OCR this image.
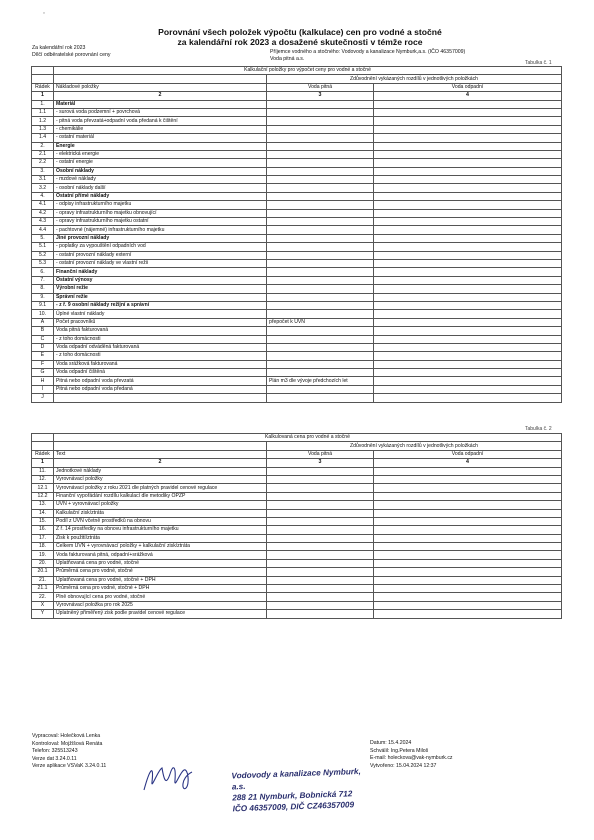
*
Porovnání všech položek výpočtu (kalkulace) cen pro vodné a stočné
za kalendářní rok 2023 a dosažené skutečnosti v témže roce
Za kalendářní rok 2023
Dílčí odběratelské porovnání ceny	Příjemce vodného a stočného: Vodovody a kanalizace Nymburk,a.s. (IČO 46357009)
Voda pitná a.s.
Tabulka č. 1
	Kalkulační položky pro výpočet ceny pro vodné a stočné		
		Zdůvodnění vykázaných rozdílů v jednotlivých položkách	
Řádek	Nákladové položky	Voda pitná	Voda odpadní
1	2	3	4
1.	Materiál		
1.1	- surová voda podzemní + povrchová		
1.2	- pitná voda převzatá+odpadní voda předaná k čištění		
1.3	- chemikálie		
1.4	- ostatní materiál		
2.	Energie		
2.1	- elektrická energie		
2.2	- ostatní energie		
3.	Osobní náklady		
3.1	- mzdové náklady		
3.2	- osobní náklady další		
4.	Ostatní přímé náklady		
4.1	- odpisy infrastrukturního majetku		
4.2	- opravy infrastrukturního majetku obnovující		
4.3	- opravy infrastrukturního majetku ostatní		
4.4	- pachtovné (nájemné) infrastrukturního majetku		
5.	Jiné provozní náklady		
5.1	- poplatky za vypouštění odpadních vod		
5.2	- ostatní provozní náklady externí		
5.3	- ostatní provozní náklady ve vlastní režii		
6.	Finanční náklady		
7.	Ostatní výnosy		
8.	Výrobní režie		
9.	Správní režie		
9.1	- z ř. 9 osobní náklady režijní a správní		
10.	Úplné vlastní náklady		
A	Počet pracovníků	přepočet k UVN	
B	Voda pitná fakturovaná		
C	- z toho domácnosti		
D	Voda odpadní odváděná fakturovaná		
E	- z toho domácnosti		
F	Voda srážková fakturovaná		
G	Voda odpadní čištěná		
H	Pitná nebo odpadní voda převzatá	Plán m3 dle vývoje předchozích let	
I	Pitná nebo odpadní voda předaná		
J			
Tabulka č. 2
	Kalkulovaná cena pro vodné a stočné		
		Zdůvodnění vykázaných rozdílů v jednotlivých položkách	
Řádek	Text	Voda pitná	Voda odpadní
1	2	3	4
11.	Jednotkové náklady		
12.	Vyrovnávací položky		
12.1	Vyrovnávací položky z roku 2021 dle platných pravidel cenové regulace		
12.2	Finanční vypořádání rozdílu kalkulací dle metodiky OPŽP		
13.	ÚVN + vyrovnávací položky		
14.	Kalkulační zisk/ztráta		
15.	Podíl z ÚVN včetně prostředků na obnovu		
16.	Z ř. 14 prostředky na obnovu infrastrukturního majetku		
17.	Zisk k použití/ztráta		
18.	Celkem ÚVN + vyrovnávací položky + kalkulační zisk/ztráta		
19.	Voda fakturovaná pitná, odpadní+srážková		
20.	Uplatňovaná cena pro vodné, stočné		
20.1	Průměrná cena pro vodné, stočné		
21.	Uplatňovaná cena pro vodné, stočné + DPH		
21.1	Průměrná cena pro vodné, stočné + DPH		
22.	Plně obnovující cena pro vodné, stočné		
X	Vyrovnávací položka pro rok 2025		
Y	Uplatněný přiměřený zisk podle pravidel cenové regulace		
Vypracoval: Holečková Lenka
Kontroloval: Mojžíšová Renáta
Telefon: 325513243
Verze dat 3.24.0.11
Verze aplikace VSVaK 3.24.0.11
Vodovody a kanalizace Nymburk, a.s.
288 21 Nymburk, Bobnická 712
IČO 46357009, DIČ CZ46357009
Datum: 15.4.2024
Schválil: Ing.Petera Miloš
E-mail: holeckova@vak-nymburk.cz
Vytvořeno: 15.04.2024 12:37
